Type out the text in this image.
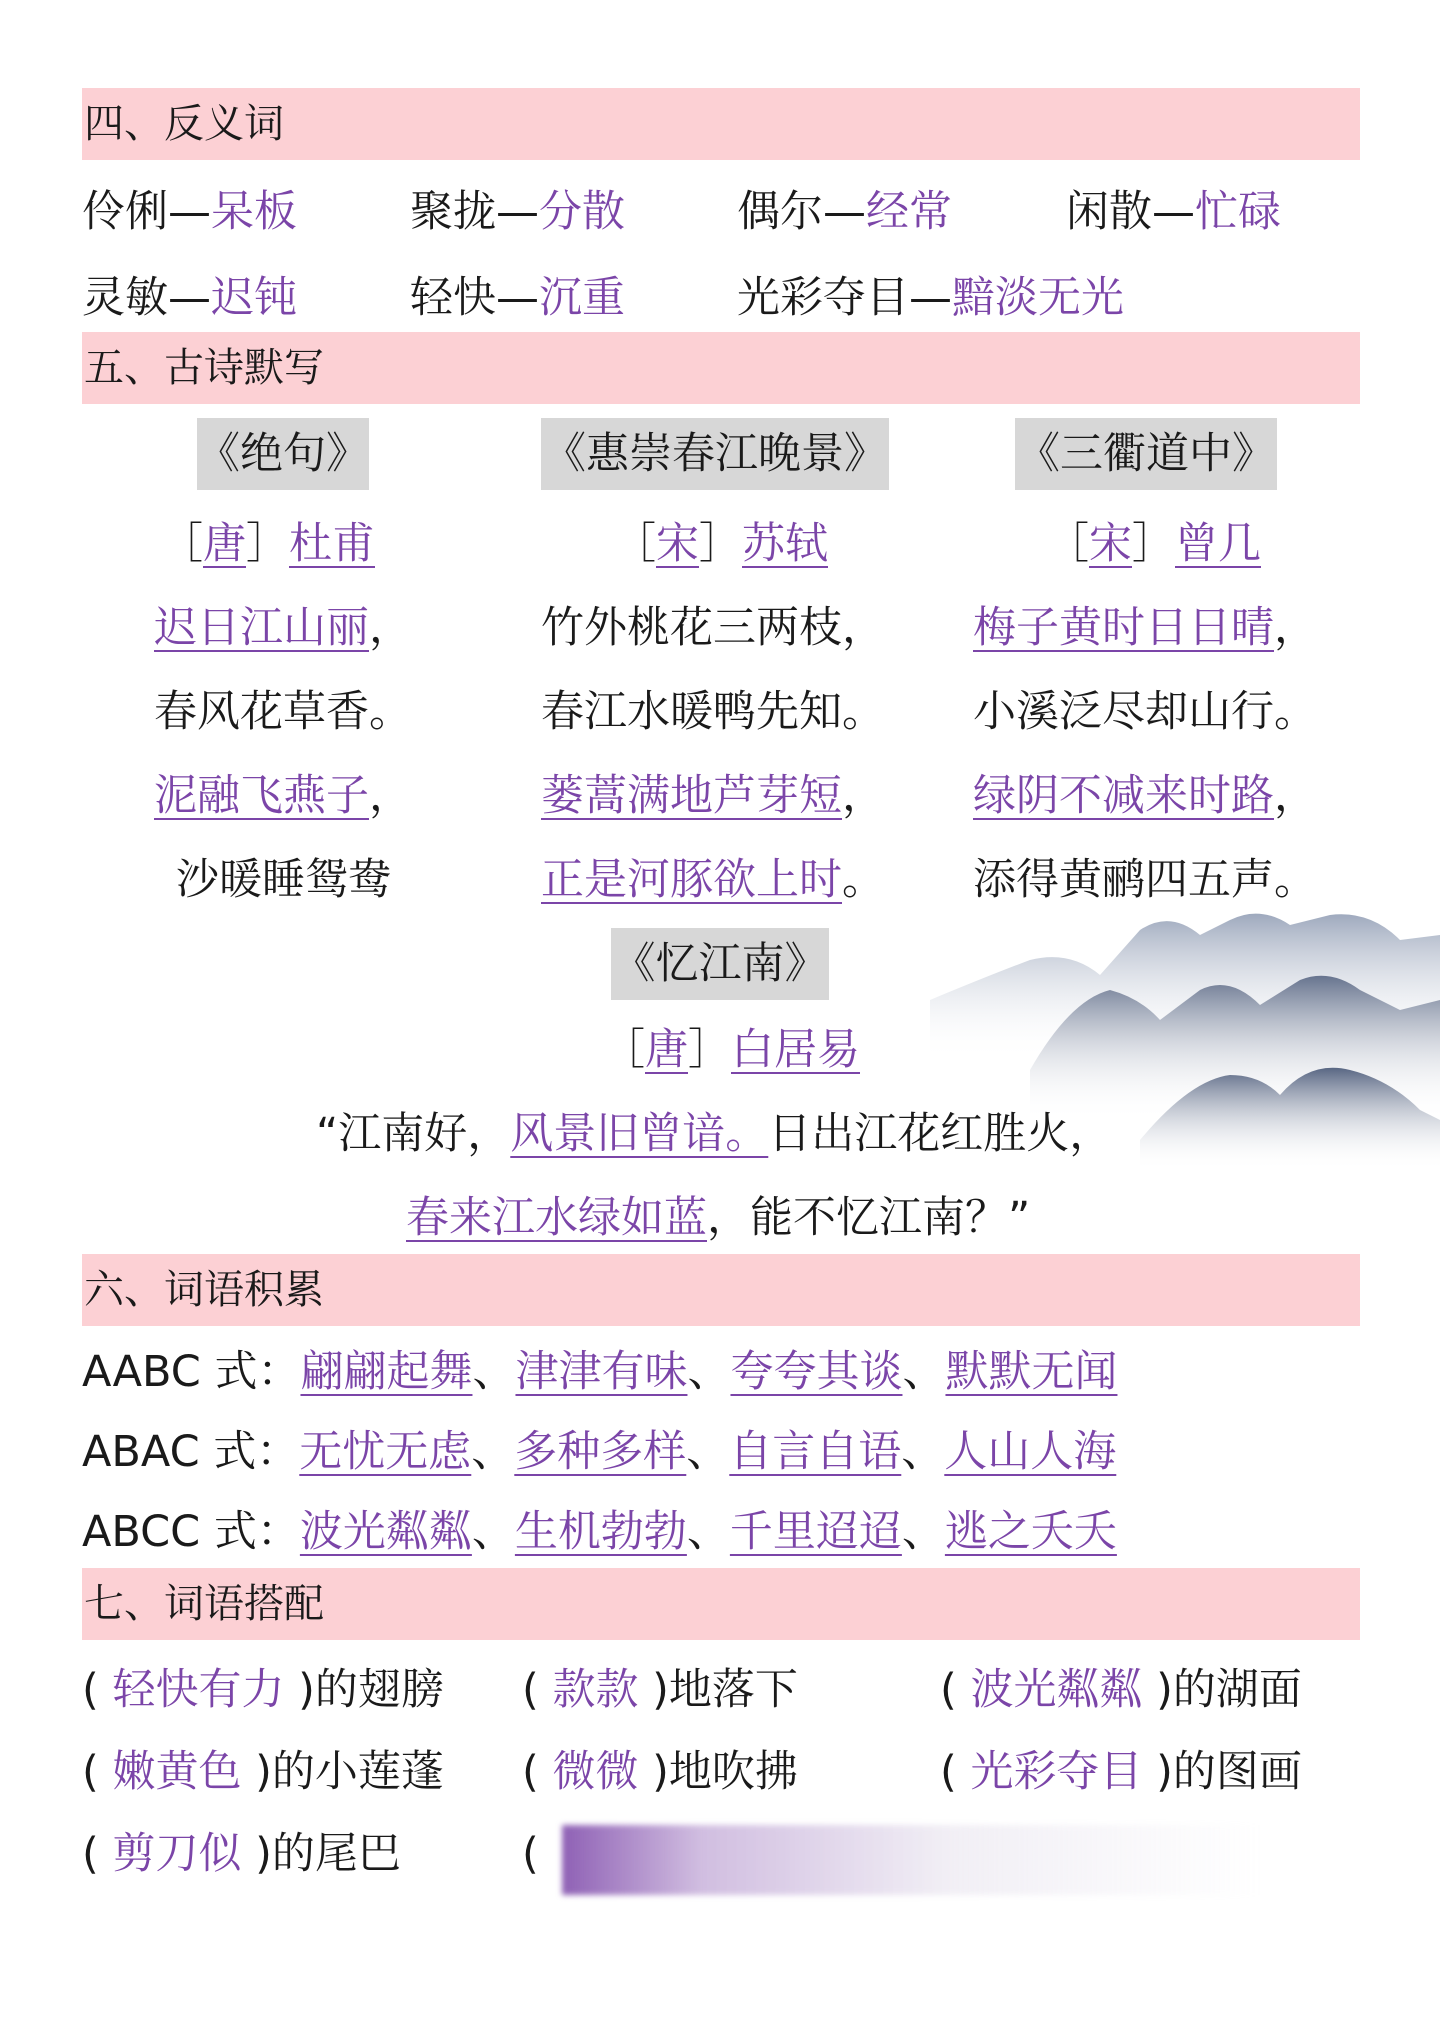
四、反义词
伶俐—呆板	聚拢—分散	偶尔—经常	闲散—忙碌
灵敏—迟钝	轻快—沉重	光彩夺目—黯淡无光
五、古诗默写
《绝句》
［唐］杜甫
迟日江山丽，
春风花草香。
泥融飞燕子，
沙暖睡鸳鸯
《惠崇春江晚景》
［宋］苏轼
竹外桃花三两枝，
春江水暖鸭先知。
蒌蒿满地芦芽短，
正是河豚欲上时。
《三衢道中》
［宋］曾几
梅子黄时日日晴，
小溪泛尽却山行。
绿阴不减来时路，
添得黄鹂四五声。
《忆江南》
［唐］白居易
“江南好，风景旧曾谙。日出江花红胜火，
春来江水绿如蓝，能不忆江南？”
六、词语积累
AABC 式：翩翩起舞、津津有味、夸夸其谈、默默无闻
ABAC 式：无忧无虑、多种多样、自言自语、人山人海
ABCC 式：波光粼粼、生机勃勃、千里迢迢、逃之夭夭
七、词语搭配
( 轻快有力 )的翅膀 ( 款款 )地落下	( 波光粼粼 )的湖面
( 嫩黄色 )的小莲蓬 ( 微微 )地吹拂	( 光彩夺目 )的图画
( 剪刀似 )的尾巴	(
